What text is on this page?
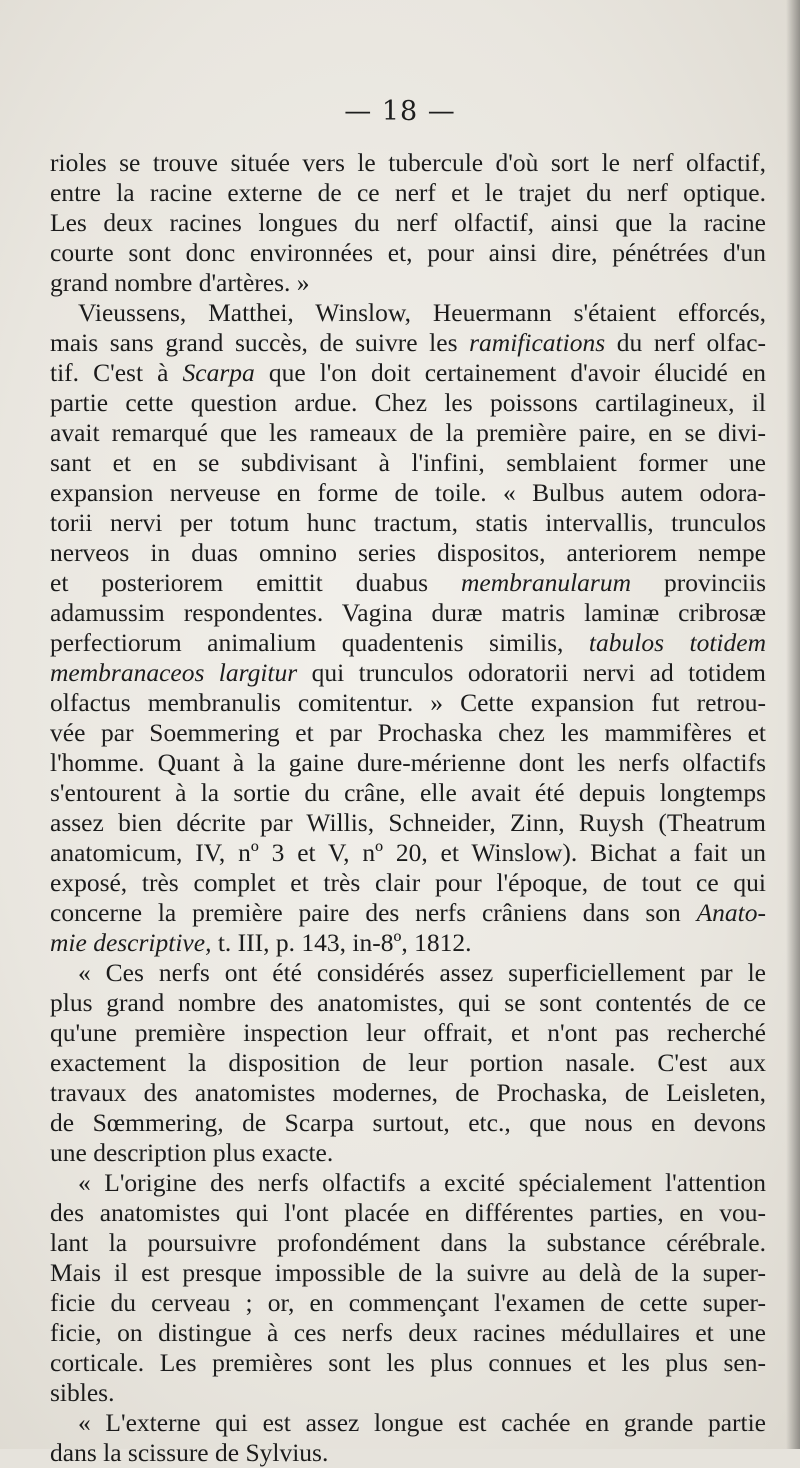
— 18 —
rioles se trouve située vers le tubercule d'où sort le nerf olfactif,
entre la racine externe de ce nerf et le trajet du nerf optique.
Les deux racines longues du nerf olfactif, ainsi que la racine
courte sont donc environnées et, pour ainsi dire, pénétrées d'un
grand nombre d'artères. »
Vieussens, Matthei, Winslow, Heuermann s'étaient efforcés,
mais sans grand succès, de suivre les ramifications du nerf olfac-
tif. C'est à Scarpa que l'on doit certainement d'avoir élucidé en
partie cette question ardue. Chez les poissons cartilagineux, il
avait remarqué que les rameaux de la première paire, en se divi-
sant et en se subdivisant à l'infini, semblaient former une
expansion nerveuse en forme de toile. « Bulbus autem odora-
torii nervi per totum hunc tractum, statis intervallis, trunculos
nerveos in duas omnino series dispositos, anteriorem nempe
et posteriorem emittit duabus membranularum provinciis
adamussim respondentes. Vagina duræ matris laminæ cribrosæ
perfectiorum animalium quadentenis similis, tabulos totidem
membranaceos largitur qui trunculos odoratorii nervi ad totidem
olfactus membranulis comitentur. » Cette expansion fut retrou-
vée par Soemmering et par Prochaska chez les mammifères et
l'homme. Quant à la gaine dure-mérienne dont les nerfs olfactifs
s'entourent à la sortie du crâne, elle avait été depuis longtemps
assez bien décrite par Willis, Schneider, Zinn, Ruysh (Theatrum
anatomicum, IV, nº 3 et V, nº 20, et Winslow). Bichat a fait un
exposé, très complet et très clair pour l'époque, de tout ce qui
concerne la première paire des nerfs crâniens dans son Anato-
mie descriptive, t. III, p. 143, in-8º, 1812.
« Ces nerfs ont été considérés assez superficiellement par le
plus grand nombre des anatomistes, qui se sont contentés de ce
qu'une première inspection leur offrait, et n'ont pas recherché
exactement la disposition de leur portion nasale. C'est aux
travaux des anatomistes modernes, de Prochaska, de Leisleten,
de Sœmmering, de Scarpa surtout, etc., que nous en devons
une description plus exacte.
« L'origine des nerfs olfactifs a excité spécialement l'attention
des anatomistes qui l'ont placée en différentes parties, en vou-
lant la poursuivre profondément dans la substance cérébrale.
Mais il est presque impossible de la suivre au delà de la super-
ficie du cerveau ; or, en commençant l'examen de cette super-
ficie, on distingue à ces nerfs deux racines médullaires et une
corticale. Les premières sont les plus connues et les plus sen-
sibles.
« L'externe qui est assez longue est cachée en grande partie
dans la scissure de Sylvius.
